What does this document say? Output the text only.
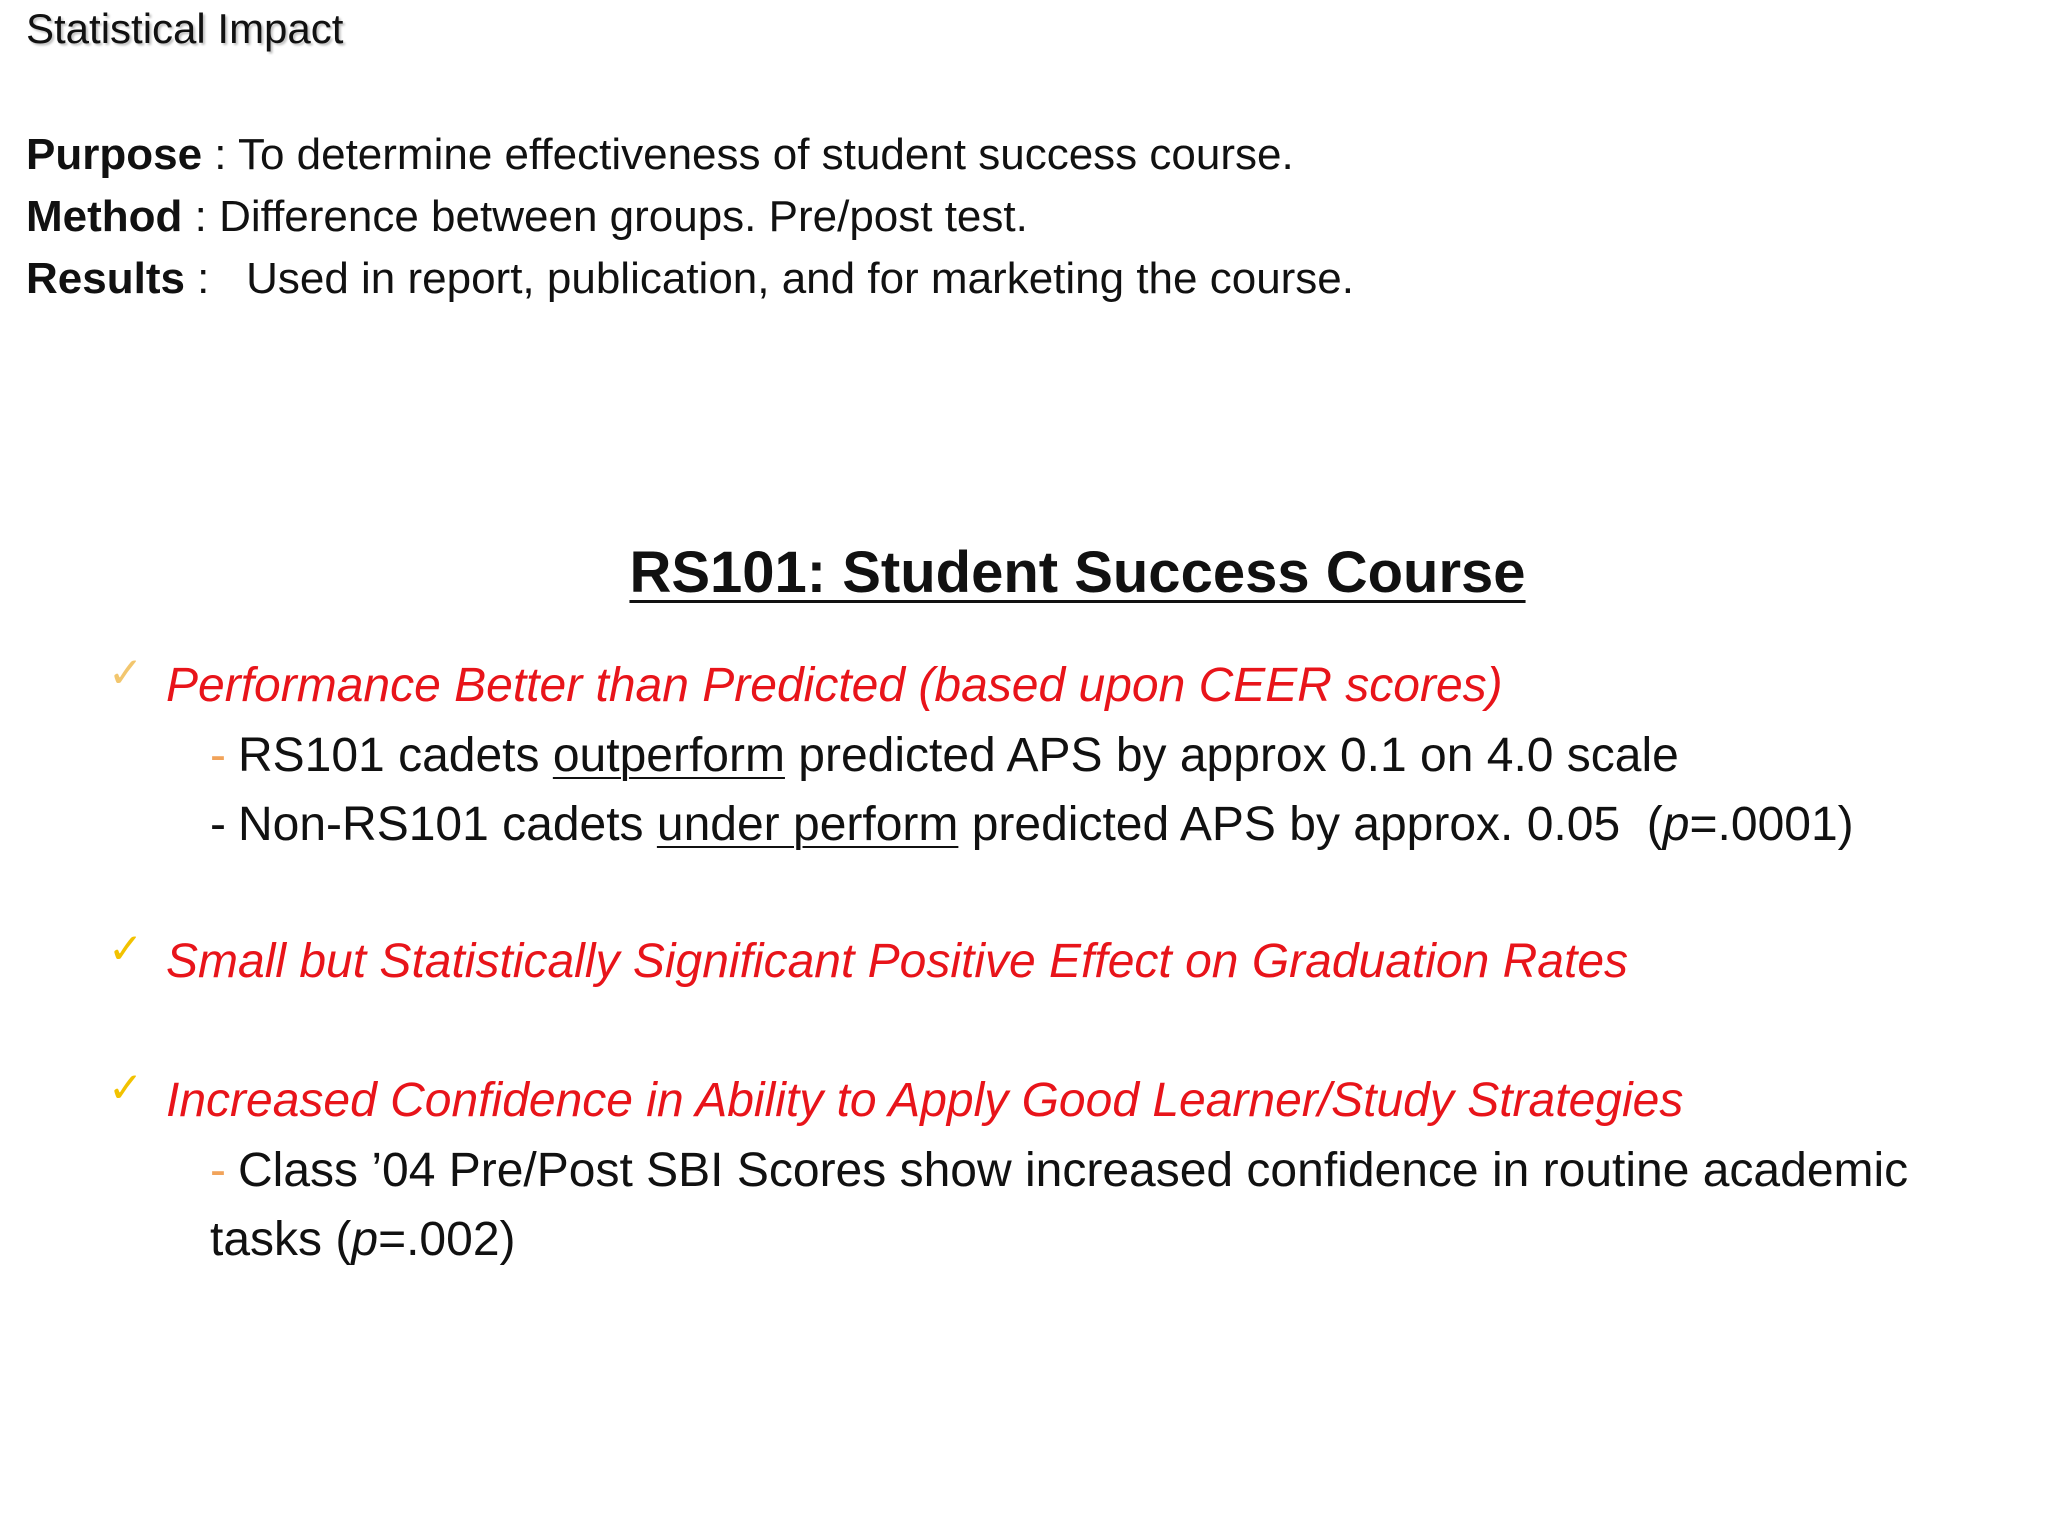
Statistical Impact
Purpose : To determine effectiveness of student success course.
Method : Difference between groups. Pre/post test.
Results :   Used in report, publication, and for marketing the course.
RS101: Student Success Course
✓ Performance Better than Predicted (based upon CEER scores)
- RS101 cadets outperform predicted APS by approx 0.1 on 4.0 scale
- Non-RS101 cadets under perform predicted APS by approx. 0.05  (p=.0001)
✓ Small but Statistically Significant Positive Effect on Graduation Rates
✓ Increased Confidence in Ability to Apply Good Learner/Study Strategies
- Class ’04 Pre/Post SBI Scores show increased confidence in routine academic
tasks (p=.002)
